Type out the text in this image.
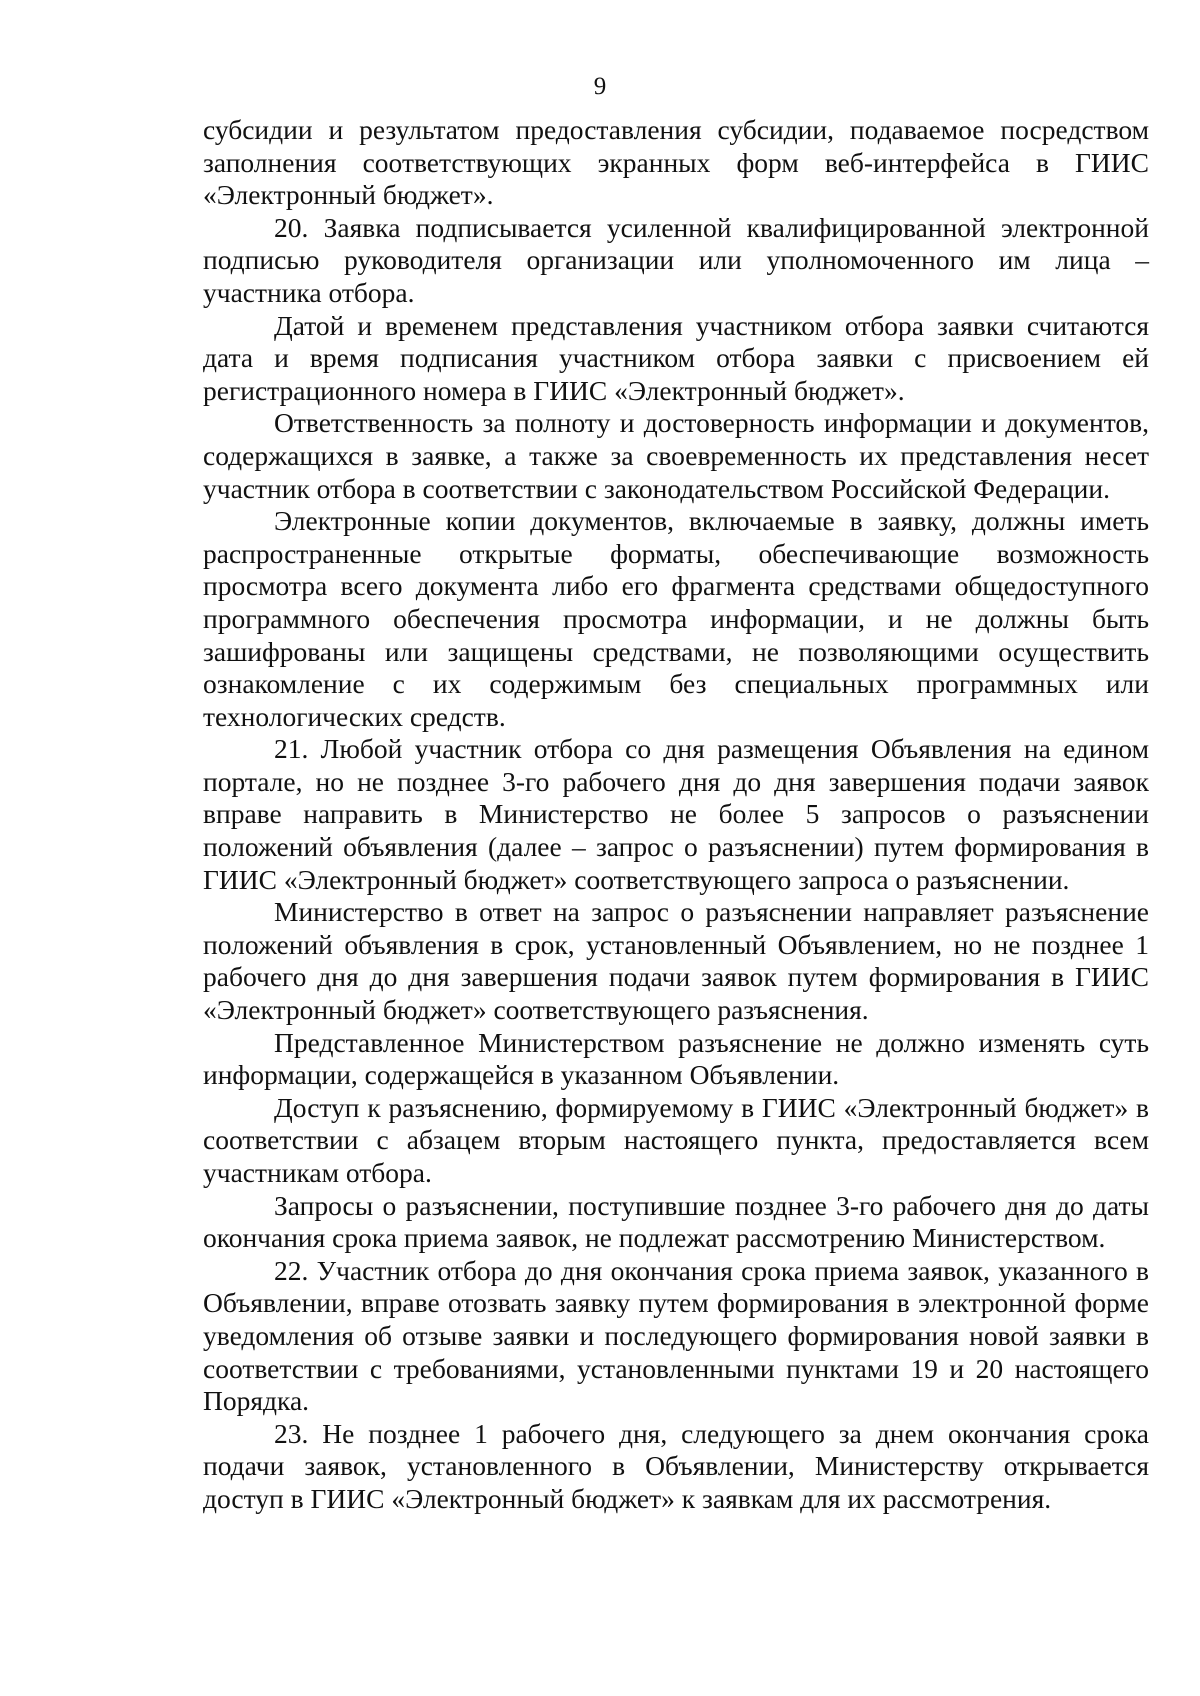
9

субсидии и результатом предоставления субсидии, подаваемое посредством заполнения соответствующих экранных форм веб-интерфейса в ГИИС «Электронный бюджет».

20. Заявка подписывается усиленной квалифицированной электронной подписью руководителя организации или уполномоченного им лица – участника отбора.

Датой и временем представления участником отбора заявки считаются дата и время подписания участником отбора заявки с присвоением ей регистрационного номера в ГИИС «Электронный бюджет».

Ответственность за полноту и достоверность информации и документов, содержащихся в заявке, а также за своевременность их представления несет участник отбора в соответствии с законодательством Российской Федерации.

Электронные копии документов, включаемые в заявку, должны иметь распространенные открытые форматы, обеспечивающие возможность просмотра всего документа либо его фрагмента средствами общедоступного программного обеспечения просмотра информации, и не должны быть зашифрованы или защищены средствами, не позволяющими осуществить ознакомление с их содержимым без специальных программных или технологических средств.

21. Любой участник отбора со дня размещения Объявления на едином портале, но не позднее 3-го рабочего дня до дня завершения подачи заявок вправе направить в Министерство не более 5 запросов о разъяснении положений объявления (далее – запрос о разъяснении) путем формирования в ГИИС «Электронный бюджет» соответствующего запроса о разъяснении.

Министерство в ответ на запрос о разъяснении направляет разъяснение положений объявления в срок, установленный Объявлением, но не позднее 1 рабочего дня до дня завершения подачи заявок путем формирования в ГИИС «Электронный бюджет» соответствующего разъяснения.

Представленное Министерством разъяснение не должно изменять суть информации, содержащейся в указанном Объявлении.

Доступ к разъяснению, формируемому в ГИИС «Электронный бюджет» в соответствии с абзацем вторым настоящего пункта, предоставляется всем участникам отбора.

Запросы о разъяснении, поступившие позднее 3-го рабочего дня до даты окончания срока приема заявок, не подлежат рассмотрению Министерством.

22. Участник отбора до дня окончания срока приема заявок, указанного в Объявлении, вправе отозвать заявку путем формирования в электронной форме уведомления об отзыве заявки и последующего формирования новой заявки в соответствии с требованиями, установленными пунктами 19 и 20 настоящего Порядка.

23. Не позднее 1 рабочего дня, следующего за днем окончания срока подачи заявок, установленного в Объявлении, Министерству открывается доступ в ГИИС «Электронный бюджет» к заявкам для их рассмотрения.
